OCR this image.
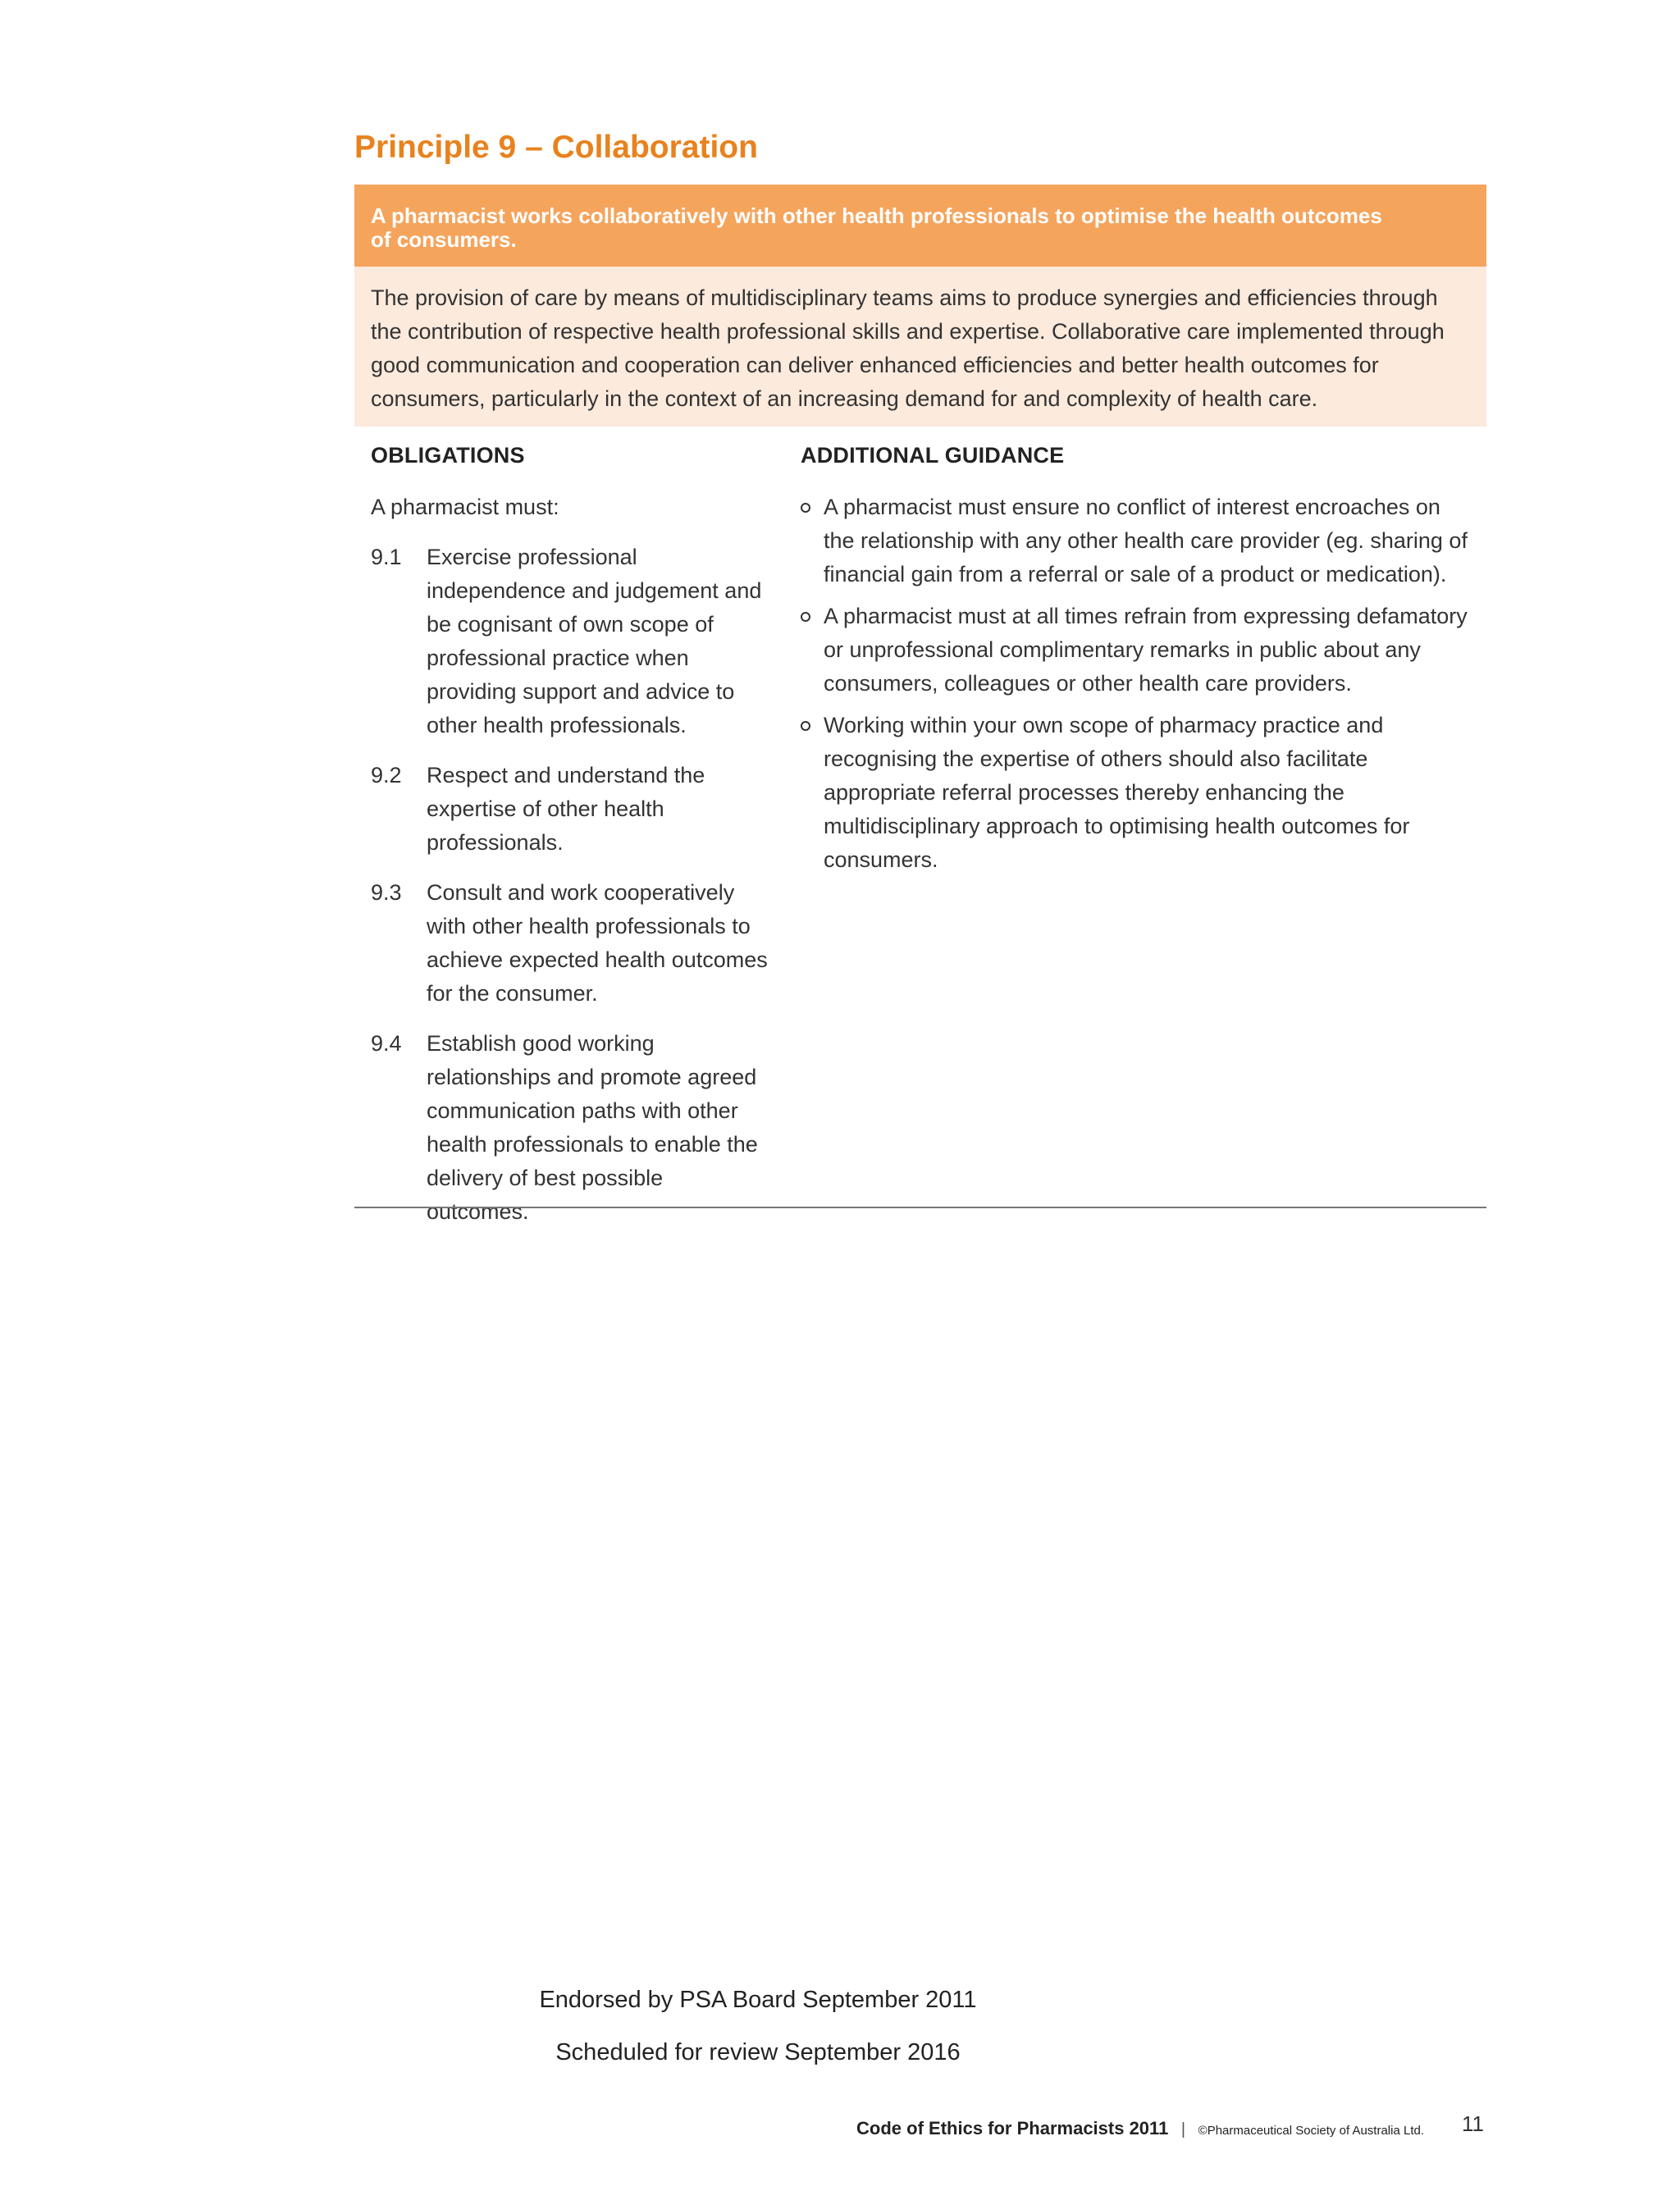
Principle 9 – Collaboration
A pharmacist works collaboratively with other health professionals to optimise the health outcomes of consumers.
The provision of care by means of multidisciplinary teams aims to produce synergies and efficiencies through the contribution of respective health professional skills and expertise. Collaborative care implemented through good communication and cooperation can deliver enhanced efficiencies and better health outcomes for consumers, particularly in the context of an increasing demand for and complexity of health care.
OBLIGATIONS	ADDITIONAL GUIDANCE
A pharmacist must:
9.1	Exercise professional independence and judgement and be cognisant of own scope of professional practice when providing support and advice to other health professionals.
9.2	Respect and understand the expertise of other health professionals.
9.3	Consult and work cooperatively with other health professionals to achieve expected health outcomes for the consumer.
9.4	Establish good working relationships and promote agreed communication paths with other health professionals to enable the delivery of best possible outcomes.
A pharmacist must ensure no conflict of interest encroaches on the relationship with any other health care provider (eg. sharing of financial gain from a referral or sale of a product or medication).
A pharmacist must at all times refrain from expressing defamatory or unprofessional complimentary remarks in public about any consumers, colleagues or other health care providers.
Working within your own scope of pharmacy practice and recognising the expertise of others should also facilitate appropriate referral processes thereby enhancing the multidisciplinary approach to optimising health outcomes for consumers.
Endorsed by PSA Board September 2011
Scheduled for review September 2016
Code of Ethics for Pharmacists 2011 | ©Pharmaceutical Society of Australia Ltd. 11
